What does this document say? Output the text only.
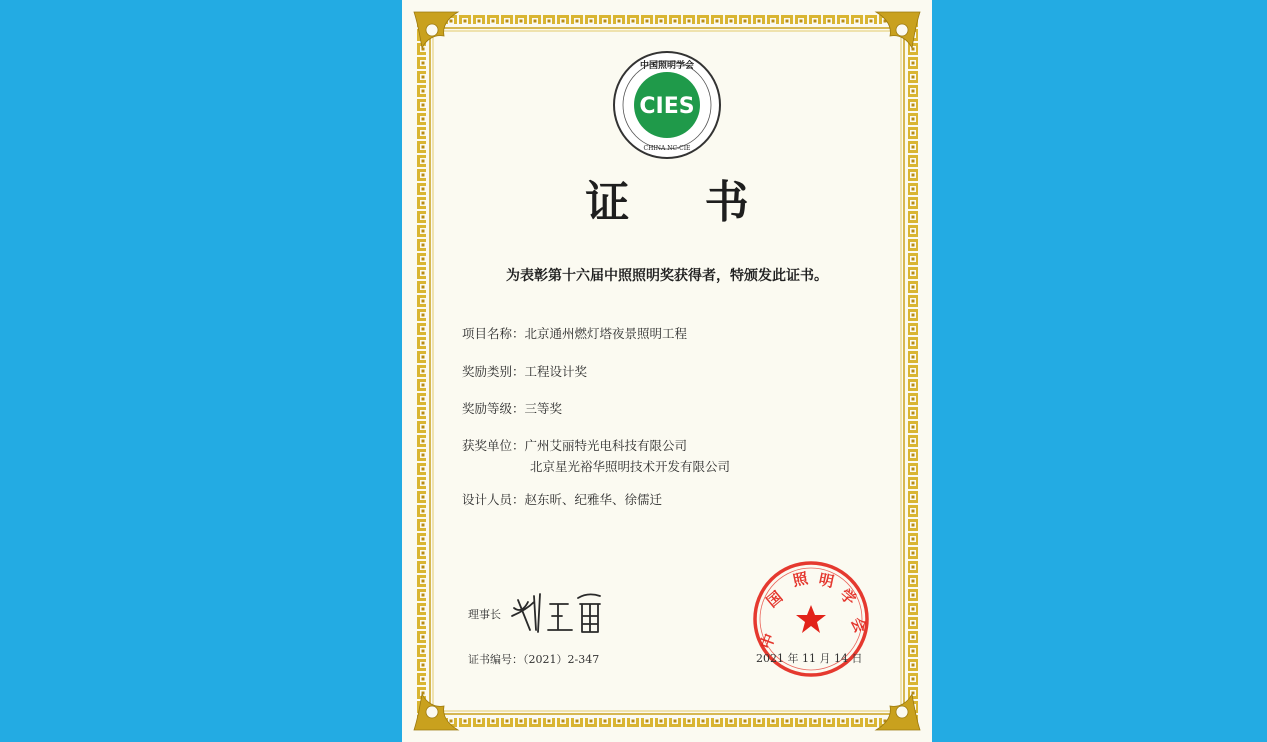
CIES
中国照明学会
CHINA NC-CIE
证 书
为表彰第十六届中照照明奖获得者，特颁发此证书。
项目名称：北京通州燃灯塔夜景照明工程
奖励类别：工程设计奖
奖励等级：三等奖
获奖单位：广州艾丽特光电科技有限公司
北京星光裕华照明技术开发有限公司
设计人员：赵东昕、纪雅华、徐儒迁
理事长
证书编号：（2021）2-347
中
国
照 明
学
会
2021 年 11 月 14 日
